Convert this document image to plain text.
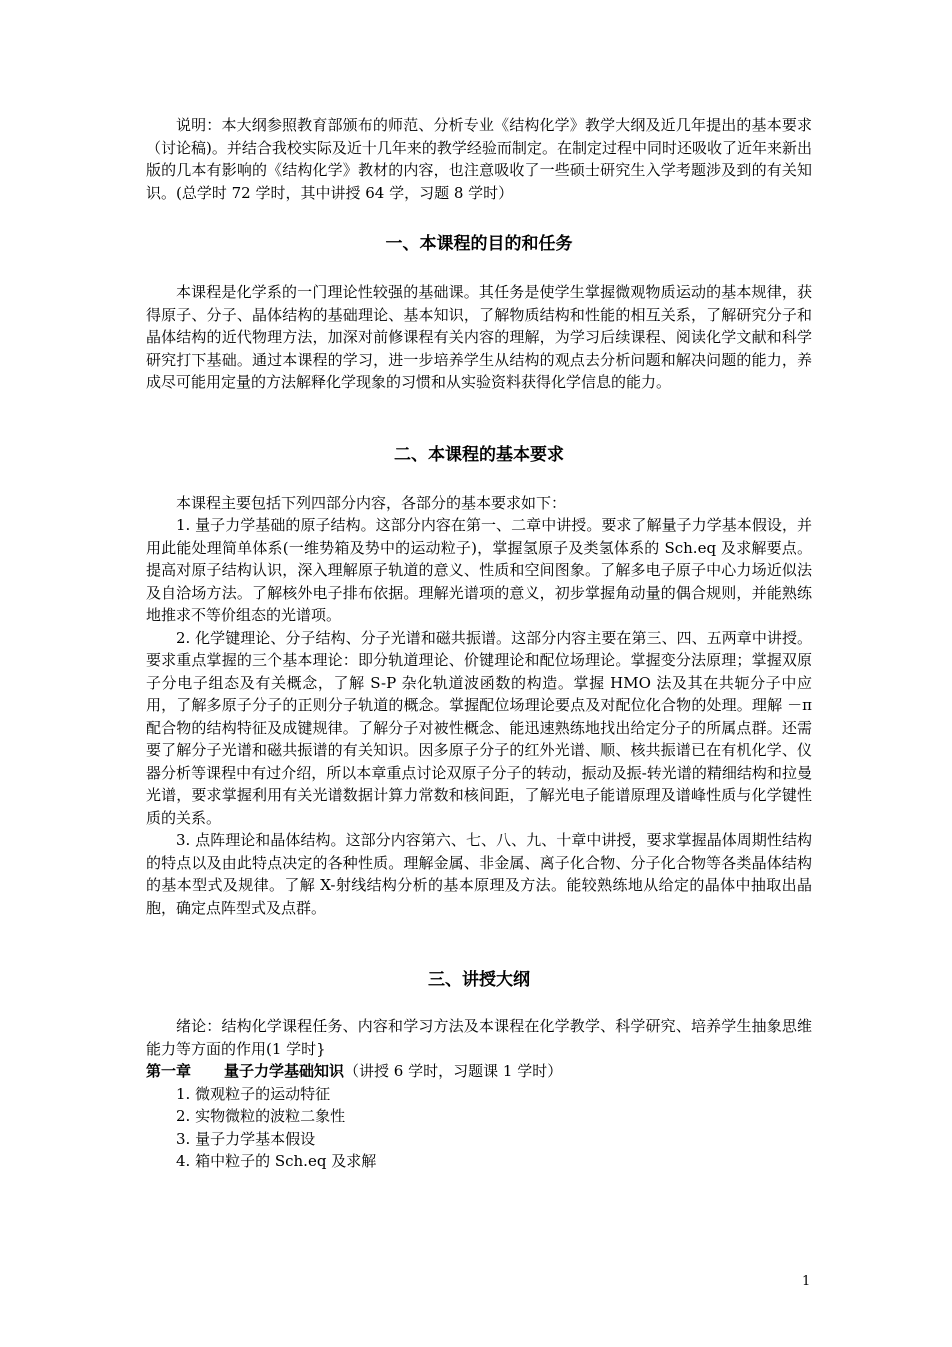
说明：本大纲参照教育部颁布的师范、分析专业《结构化学》教学大纲及近几年提出的基本要求（讨论稿)。并结合我校实际及近十几年来的教学经验而制定。在制定过程中同时还吸收了近年来新出版的几本有影响的《结构化学》教材的内容，也注意吸收了一些硕士研究生入学考题涉及到的有关知识。(总学时 72 学时，其中讲授 64 学，习题 8 学时）

一、本课程的目的和任务

本课程是化学系的一门理论性较强的基础课。其任务是使学生掌握微观物质运动的基本规律，获得原子、分子、晶体结构的基础理论、基本知识，了解物质结构和性能的相互关系，了解研究分子和晶体结构的近代物理方法，加深对前修课程有关内容的理解，为学习后续课程、阅读化学文献和科学研究打下基础。通过本课程的学习，进一步培养学生从结构的观点去分析问题和解决问题的能力，养成尽可能用定量的方法解释化学现象的习惯和从实验资料获得化学信息的能力。

二、本课程的基本要求

本课程主要包括下列四部分内容，各部分的基本要求如下：

1. 量子力学基础的原子结构。这部分内容在第一、二章中讲授。要求了解量子力学基本假设，并用此能处理简单体系(一维势箱及势中的运动粒子)，掌握氢原子及类氢体系的 Sch.eq 及求解要点。提高对原子结构认识，深入理解原子轨道的意义、性质和空间图象。了解多电子原子中心力场近似法及自洽场方法。了解核外电子排布依据。理解光谱项的意义，初步掌握角动量的偶合规则，并能熟练地推求不等价组态的光谱项。

2. 化学键理论、分子结构、分子光谱和磁共振谱。这部分内容主要在第三、四、五两章中讲授。要求重点掌握的三个基本理论：即分轨道理论、价键理论和配位场理论。掌握变分法原理；掌握双原子分电子组态及有关概念，了解 S-P 杂化轨道波函数的构造。掌握 HMO 法及其在共轭分子中应用，了解多原子分子的正则分子轨道的概念。掌握配位场理论要点及对配位化合物的处理。理解 －π配合物的结构特征及成键规律。了解分子对被性概念、能迅速熟练地找出给定分子的所属点群。还需要了解分子光谱和磁共振谱的有关知识。因多原子分子的红外光谱、顺、核共振谱已在有机化学、仪器分析等课程中有过介绍，所以本章重点讨论双原子分子的转动，振动及振-转光谱的精细结构和拉曼光谱，要求掌握利用有关光谱数据计算力常数和核间距，了解光电子能谱原理及谱峰性质与化学键性质的关系。

3. 点阵理论和晶体结构。这部分内容第六、七、八、九、十章中讲授，要求掌握晶体周期性结构的特点以及由此特点决定的各种性质。理解金属、非金属、离子化合物、分子化合物等各类晶体结构的基本型式及规律。了解 X-射线结构分析的基本原理及方法。能较熟练地从给定的晶体中抽取出晶胞，确定点阵型式及点群。

三、讲授大纲

绪论：结构化学课程任务、内容和学习方法及本课程在化学教学、科学研究、培养学生抽象思维能力等方面的作用(1 学时}

第一章 量子力学基础知识（讲授 6 学时，习题课 1 学时）

1. 微观粒子的运动特征

2. 实物微粒的波粒二象性

3. 量子力学基本假设

4. 箱中粒子的 Sch.eq 及求解

1
